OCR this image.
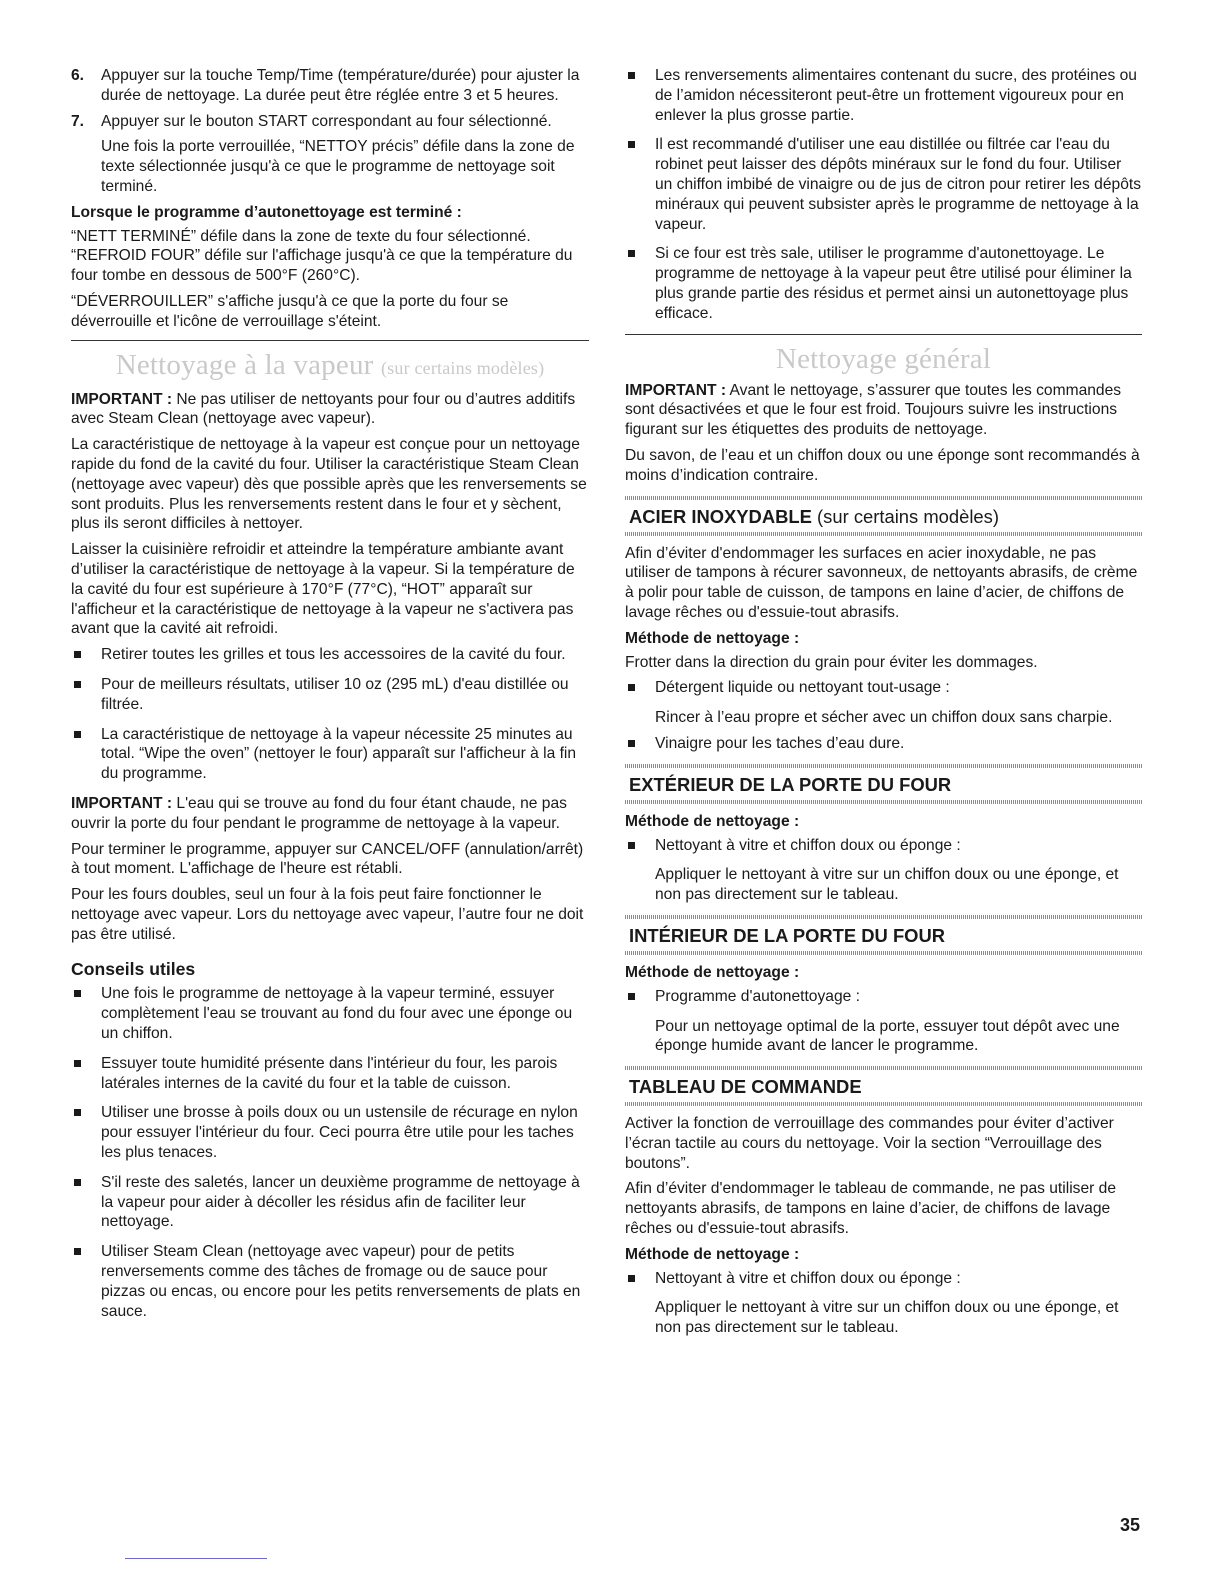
6.	Appuyer sur la touche Temp/Time (température/durée) pour ajuster la durée de nettoyage. La durée peut être réglée entre 3 et 5 heures.
7.	Appuyer sur le bouton START correspondant au four sélectionné.

Une fois la porte verrouillée, “NETTOY précis” défile dans la zone de texte sélectionnée jusqu'à ce que le programme de nettoyage soit terminé.

Lorsque le programme d’autonettoyage est terminé :

“NETT TERMINÉ” défile dans la zone de texte du four sélectionné. “REFROID FOUR” défile sur l'affichage jusqu'à ce que la température du four tombe en dessous de 500°F (260°C).

“DÉVERROUILLER” s'affiche jusqu'à ce que la porte du four se déverrouille et l'icône de verrouillage s'éteint.

Nettoyage à la vapeur (sur certains modèles)

IMPORTANT : Ne pas utiliser de nettoyants pour four ou d’autres additifs avec Steam Clean (nettoyage avec vapeur).

La caractéristique de nettoyage à la vapeur est conçue pour un nettoyage rapide du fond de la cavité du four. Utiliser la caractéristique Steam Clean (nettoyage avec vapeur) dès que possible après que les renversements se sont produits. Plus les renversements restent dans le four et y sèchent, plus ils seront difficiles à nettoyer.

Laisser la cuisinière refroidir et atteindre la température ambiante avant d’utiliser la caractéristique de nettoyage à la vapeur. Si la température de la cavité du four est supérieure à 170°F (77°C), “HOT” apparaît sur l'afficheur et la caractéristique de nettoyage à la vapeur ne s'activera pas avant que la cavité ait refroidi.

Retirer toutes les grilles et tous les accessoires de la cavité du four.
Pour de meilleurs résultats, utiliser 10 oz (295 mL) d'eau distillée ou filtrée.
La caractéristique de nettoyage à la vapeur nécessite 25 minutes au total. “Wipe the oven” (nettoyer le four) apparaît sur l'afficheur à la fin du programme.

IMPORTANT : L'eau qui se trouve au fond du four étant chaude, ne pas ouvrir la porte du four pendant le programme de nettoyage à la vapeur.

Pour terminer le programme, appuyer sur CANCEL/OFF (annulation/arrêt) à tout moment. L'affichage de l'heure est rétabli.

Pour les fours doubles, seul un four à la fois peut faire fonctionner le nettoyage avec vapeur. Lors du nettoyage avec vapeur, l’autre four ne doit pas être utilisé.

Conseils utiles
Une fois le programme de nettoyage à la vapeur terminé, essuyer complètement l'eau se trouvant au fond du four avec une éponge ou un chiffon.
Essuyer toute humidité présente dans l'intérieur du four, les parois latérales internes de la cavité du four et la table de cuisson.
Utiliser une brosse à poils doux ou un ustensile de récurage en nylon pour essuyer l'intérieur du four. Ceci pourra être utile pour les taches les plus tenaces.
S'il reste des saletés, lancer un deuxième programme de nettoyage à la vapeur pour aider à décoller les résidus afin de faciliter leur nettoyage.
Utiliser Steam Clean (nettoyage avec vapeur) pour de petits renversements comme des tâches de fromage ou de sauce pour pizzas ou encas, ou encore pour les petits renversements de plats en sauce.
Les renversements alimentaires contenant du sucre, des protéines ou de l’amidon nécessiteront peut-être un frottement vigoureux pour en enlever la plus grosse partie.
Il est recommandé d'utiliser une eau distillée ou filtrée car l'eau du robinet peut laisser des dépôts minéraux sur le fond du four. Utiliser un chiffon imbibé de vinaigre ou de jus de citron pour retirer les dépôts minéraux qui peuvent subsister après le programme de nettoyage à la vapeur.
Si ce four est très sale, utiliser le programme d'autonettoyage. Le programme de nettoyage à la vapeur peut être utilisé pour éliminer la plus grande partie des résidus et permet ainsi un autonettoyage plus efficace.
Nettoyage général

IMPORTANT : Avant le nettoyage, s’assurer que toutes les commandes sont désactivées et que le four est froid. Toujours suivre les instructions figurant sur les étiquettes des produits de nettoyage.

Du savon, de l’eau et un chiffon doux ou une éponge sont recommandés à moins d’indication contraire.

ACIER INOXYDABLE (sur certains modèles)

Afin d’éviter d'endommager les surfaces en acier inoxydable, ne pas utiliser de tampons à récurer savonneux, de nettoyants abrasifs, de crème à polir pour table de cuisson, de tampons en laine d’acier, de chiffons de lavage rêches ou d'essuie-tout abrasifs.

Méthode de nettoyage :

Frotter dans la direction du grain pour éviter les dommages.

Détergent liquide ou nettoyant tout-usage :

Rincer à l’eau propre et sécher avec un chiffon doux sans charpie.

Vinaigre pour les taches d’eau dure.
EXTÉRIEUR DE LA PORTE DU FOUR
Méthode de nettoyage :
Nettoyant à vitre et chiffon doux ou éponge :

Appliquer le nettoyant à vitre sur un chiffon doux ou une éponge, et non pas directement sur le tableau.

INTÉRIEUR DE LA PORTE DU FOUR
Méthode de nettoyage :
Programme d'autonettoyage :

Pour un nettoyage optimal de la porte, essuyer tout dépôt avec une éponge humide avant de lancer le programme.

TABLEAU DE COMMANDE

Activer la fonction de verrouillage des commandes pour éviter d’activer l’écran tactile au cours du nettoyage. Voir la section “Verrouillage des boutons”.

Afin d’éviter d'endommager le tableau de commande, ne pas utiliser de nettoyants abrasifs, de tampons en laine d’acier, de chiffons de lavage rêches ou d'essuie-tout abrasifs.

Méthode de nettoyage :
Nettoyant à vitre et chiffon doux ou éponge :

Appliquer le nettoyant à vitre sur un chiffon doux ou une éponge, et non pas directement sur le tableau.

35
